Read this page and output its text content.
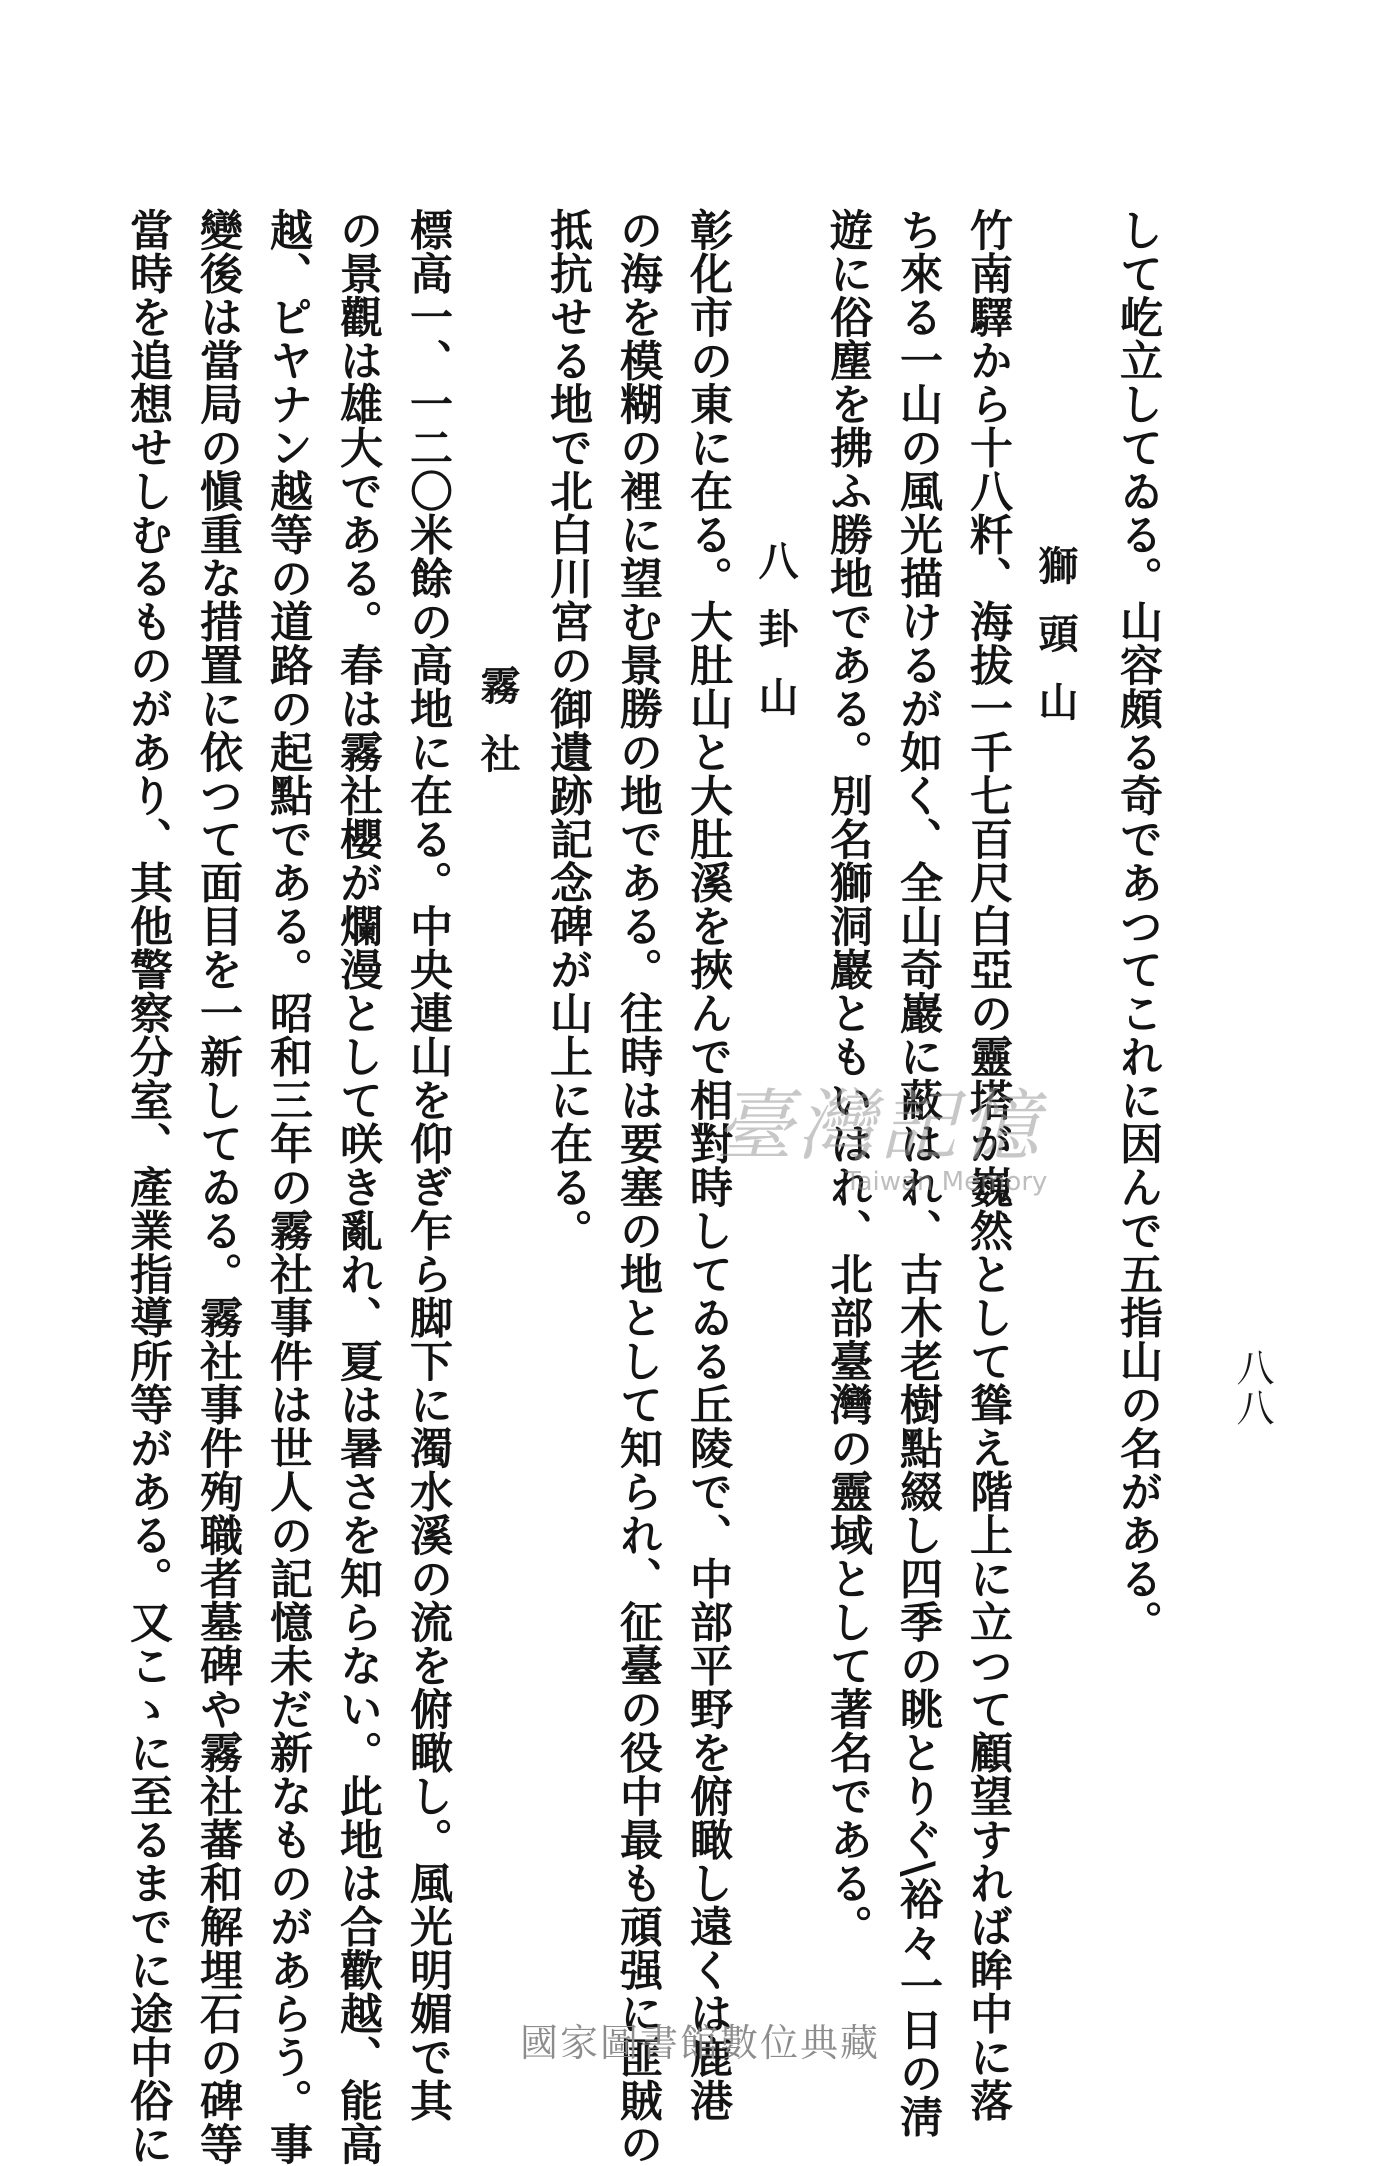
八八
して屹立してゐる。山容頗る奇であつてこれに因んで五指山の名がある。
獅頭山
竹南驛から十八粁、海拔一千七百尺白亞の靈塔が巍然として聳え階上に立つて顧望すれば眸中に落
ち來る一山の風光描けるが如く、全山奇巖に蔽はれ、古木老樹點綴し四季の眺とりぐ\裕々一日の淸
遊に俗塵を拂ふ勝地である。別名獅洞巖ともいはれ、北部臺灣の靈域として著名である。
八卦山
彰化市の東に在る。大肚山と大肚溪を挾んで相對時してゐる丘陵で、中部平野を俯瞰し遠くは鹿港
の海を模糊の裡に望む景勝の地である。往時は要塞の地として知られ、征臺の役中最も頑强に匪賊の
抵抗せる地で北白川宮の御遺跡記念碑が山上に在る。
霧社
標高一、一二〇米餘の高地に在る。中央連山を仰ぎ乍ら脚下に濁水溪の流を俯瞰し。風光明媚で其
の景觀は雄大である。春は霧社櫻が爛漫として咲き亂れ、夏は暑さを知らない。此地は合歡越、能高
越、ピヤナン越等の道路の起點である。昭和三年の霧社事件は世人の記憶未だ新なものがあらう。事
變後は當局の愼重な措置に依つて面目を一新してゐる。霧社事件殉職者墓碑や霧社蕃和解埋石の碑等
當時を追想せしむるものがあり、其他警察分室、產業指導所等がある。又こゝに至るまでに途中俗に	臺灣記憶
Taiwan Memory
國家圖書館數位典藏
